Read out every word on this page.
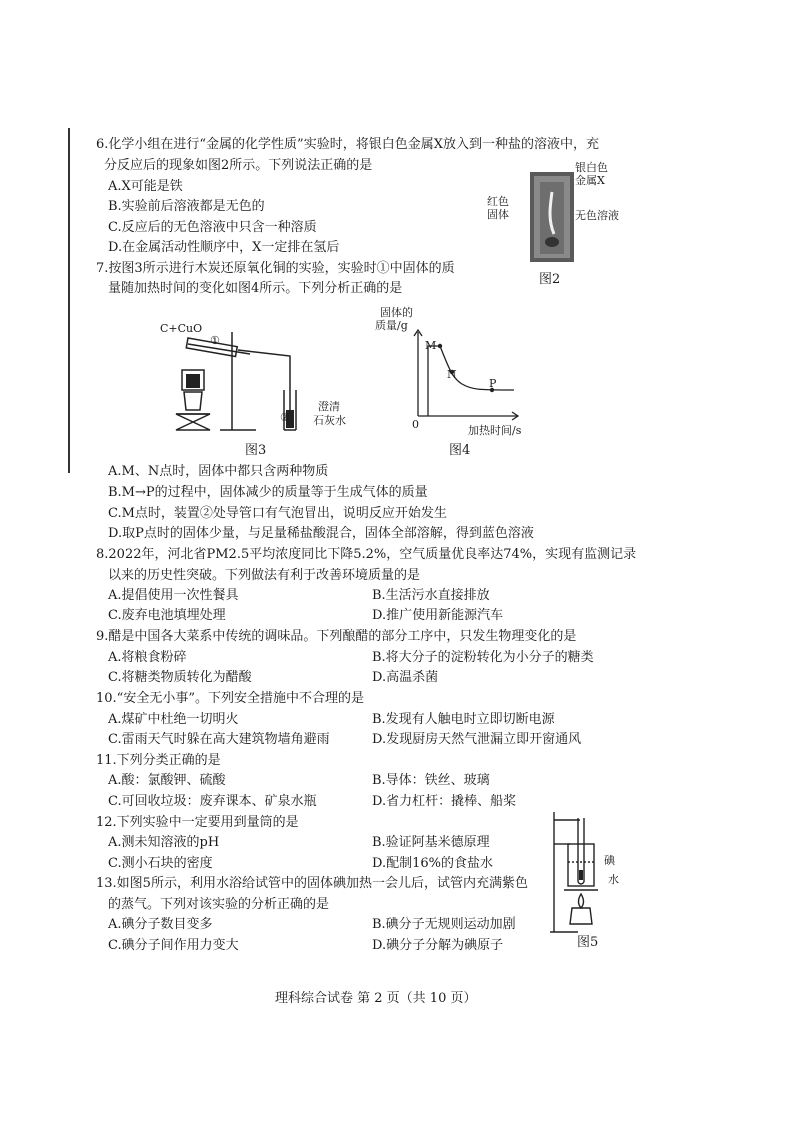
6.化学小组在进行“金属的化学性质”实验时，将银白色金属X放入到一种盐的溶液中，充
分反应后的现象如图2所示。下列说法正确的是
A.X可能是铁
B.实验前后溶液都是无色的
C.反应后的无色溶液中只含一种溶质
D.在金属活动性顺序中，X一定排在氢后
银白色
金属X
红色
固体	无色溶液
图2
7.按图3所示进行木炭还原氧化铜的实验，实验时①中固体的质
量随加热时间的变化如图4所示。下列分析正确的是
C+CuO
①
②
澄清
石灰水
图3
固体的
质量/g
M
N
P
0	加热时间/s
图4
A.M、N点时，固体中都只含两种物质
B.M→P的过程中，固体减少的质量等于生成气体的质量
C.M点时，装置②处导管口有气泡冒出，说明反应开始发生
D.取P点时的固体少量，与足量稀盐酸混合，固体全部溶解，得到蓝色溶液
8.2022年，河北省PM2.5平均浓度同比下降5.2%，空气质量优良率达74%，实现有监测记录
以来的历史性突破。下列做法有利于改善环境质量的是
A.提倡使用一次性餐具	B.生活污水直接排放
C.废弃电池填埋处理	D.推广使用新能源汽车
9.醋是中国各大菜系中传统的调味品。下列酿醋的部分工序中，只发生物理变化的是
A.将粮食粉碎	B.将大分子的淀粉转化为小分子的糖类
C.将糖类物质转化为醋酸	D.高温杀菌
10.“安全无小事”。下列安全措施中不合理的是
A.煤矿中杜绝一切明火	B.发现有人触电时立即切断电源
C.雷雨天气时躲在高大建筑物墙角避雨	D.发现厨房天然气泄漏立即开窗通风
11.下列分类正确的是
A.酸：氯酸钾、硫酸	B.导体：铁丝、玻璃
C.可回收垃圾：废弃课本、矿泉水瓶	D.省力杠杆：撬棒、船桨
12.下列实验中一定要用到量筒的是
A.测未知溶液的pH	B.验证阿基米德原理
C.测小石块的密度	D.配制16%的食盐水	碘
水
图5
13.如图5所示，利用水浴给试管中的固体碘加热一会儿后，试管内充满紫色
的蒸气。下列对该实验的分析正确的是
A.碘分子数目变多	B.碘分子无规则运动加剧
C.碘分子间作用力变大	D.碘分子分解为碘原子
理科综合试卷 第 2 页（共 10 页）
